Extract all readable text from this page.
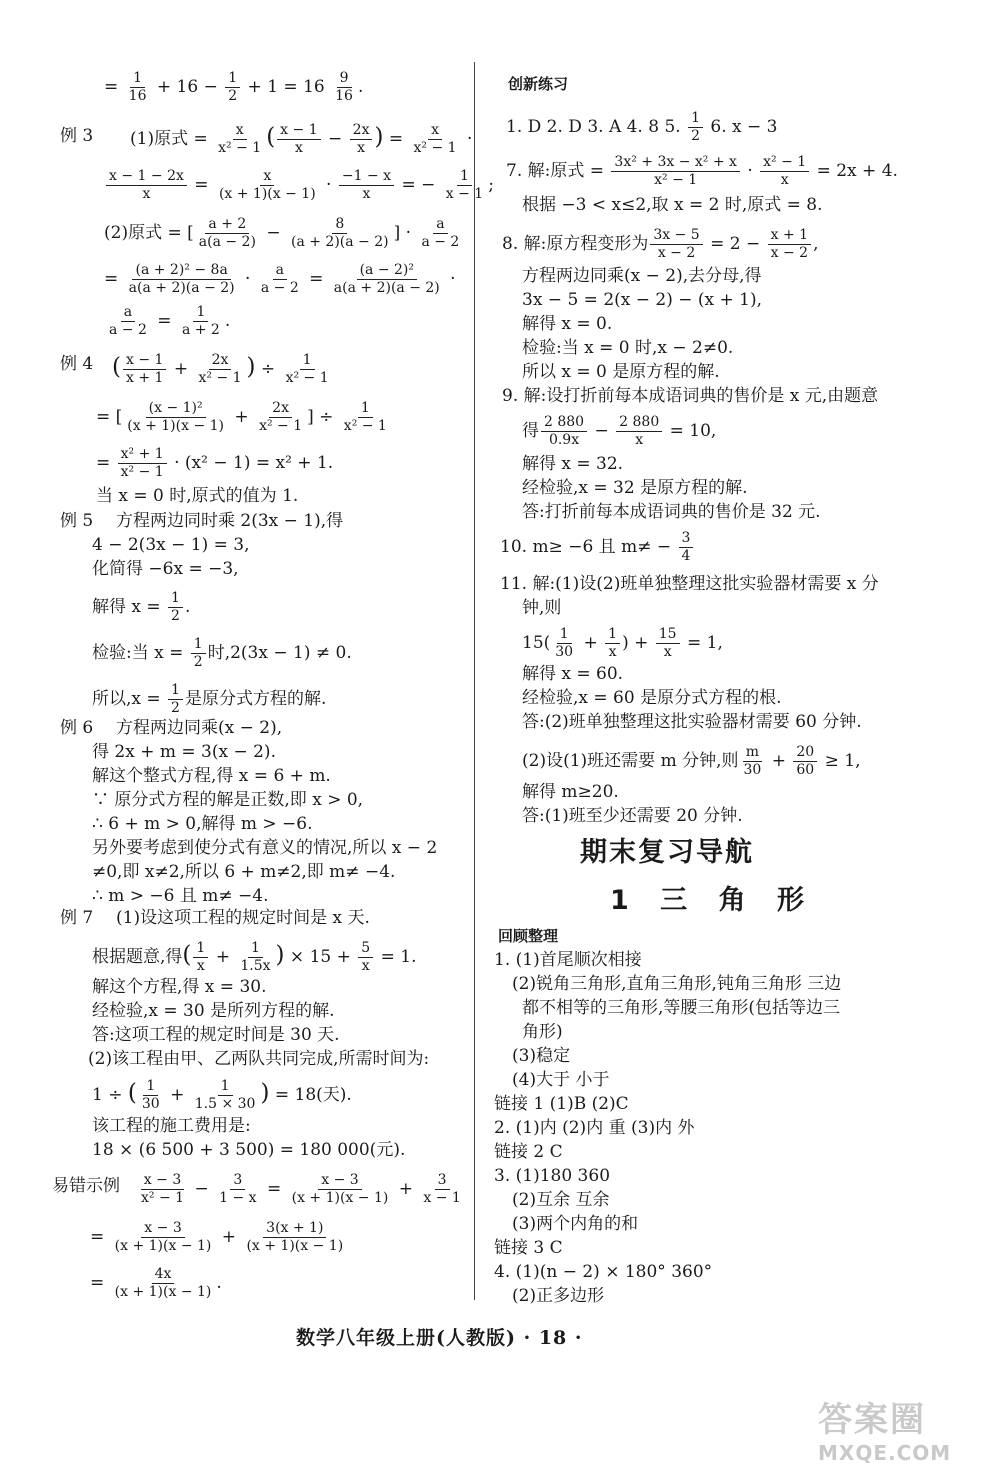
= $\frac{1}{16} + 16 - \frac{1}{2} + 1 = 16 \frac{9}{16}$ .
例 3 (1)原式 = $\frac{x}{\text{x² − 1}}$ ( $\frac{x - 1}{x} - \frac{2x}{x}$ ) = $\frac{x}{\text{x² − 1}}$ ·
$\frac{x - 1 - 2x}{x} = \frac{x}{(x + 1)(x - 1)} \cdot \frac{-1 - x}{x}$ = − $\frac{1}{x - 1}$ ;
(2)原式 = [ $\frac{a + 2}{a(a - 2)} - \frac{8}{(a + 2)(a - 2)}$ ] · $\frac{a}{a - 2}$
= $\frac{\text{(a + 2)² − 8a}}{a(a + 2)(a - 2)} \cdot \frac{a}{a - 2} = \frac{\text{(a − 2)²}}{a(a + 2)(a - 2)}$ ·
$\frac{a}{a - 2} = \frac{1}{a + 2}$ .
例 4 ( $\frac{x - 1}{x + 1} + \frac{2x}{\text{x² − 1}}$ ) ÷ $\frac{1}{\text{x² − 1}}$
= [ $\frac{\text{(x − 1)²}}{(x + 1)(x - 1)} + \frac{2x}{\text{x² − 1}}$ ] ÷ $\frac{1}{\text{x² − 1}}$
= $\frac{\text{x² + 1}}{\text{x² − 1}} \cdot (x^2 - 1) = x^2 + 1$.
当 x = 0 时,原式的值为 1.
例 5 方程两边同时乘 2(3x − 1),得
4 − 2(3x − 1) = 3,
化简得 −6x = −3,
解得 $x = \frac{1}{2}$ .
检验:当 $x = \frac{1}{2}$ 时,2(3x − 1) ≠ 0.
所以$,x = \frac{1}{2}$ 是原分式方程的解.
例 6 方程两边同乘(x − 2),
得 2x + m = 3(x − 2).
解这个整式方程,得 x = 6 + m.
∵ 原分式方程的解是正数,即 x > 0,
∴ 6 + m > 0,解得 m > −6.
另外要考虑到使分式有意义的情况,所以 x − 2
≠0,即 x≠2,所以 6 + m≠2,即 m≠ −4.
∴ m > −6 且 m≠ −4.
例 7 (1)设这项工程的规定时间是 x 天.
根据题意,得( $\frac{1}{x} + \frac{1}{1.5x}$ ) × $15 + \frac{5}{x} = 1$.
解这个方程,得 x = 30.
经检验,x = 30 是所列方程的解.
答:这项工程的规定时间是 30 天.
(2)该工程由甲、乙两队共同完成,所需时间为:
1 ÷ ( $\frac{1}{30} + \frac{1}{1.5 \times 30}$ ) = 18(天).
该工程的施工费用是:
18 × (6 500 + 3 500) = 180 000(元).
易错示例 $\frac{x - 3}{\text{x² − 1}} - \frac{3}{1 - x} = \frac{x - 3}{(x + 1)(x - 1)} + \frac{3}{x - 1}$
= $\frac{x - 3}{(x + 1)(x - 1)} + \frac{3(x + 1)}{(x + 1)(x - 1)}$
= $\frac{4x}{(x + 1)(x - 1)}$ .
创新练习
1. D 2. D 3. A 4. 8 5. $\frac{1}{2} 6$. x − 3
7. 解:原式 = $\frac{\text{3x² + 3x − x² + x}}{\text{x² − 1}} \cdot \frac{\text{x² − 1}}{x} = 2x + 4$.
根据 −3 < x≤2,取 x = 2 时,原式 = 8.
8. 解:原方程变形为 $\frac{3x - 5}{x - 2} = 2 - \frac{x + 1}{x - 2}$ ,
方程两边同乘(x − 2),去分母,得
3x − 5 = 2(x − 2) − (x + 1),
解得 x = 0.
检验:当 x = 0 时,x − 2≠0.
所以 x = 0 是原方程的解.
9. 解:设打折前每本成语词典的售价是 x 元,由题意
得 $\frac{2 880}{0.9x} - \frac{2 880}{x} = 10$,
解得 x = 32.
经检验,x = 32 是原方程的解.
答:打折前每本成语词典的售价是 32 元.
10. m≥ −6 且 $m\ne - \frac{3}{4}$
11. 解:(1)设(2)班单独整理这批实验器材需要 x 分
钟,则
$15( \frac{1}{30} + \frac{1}{x}$ ) + $\frac{15}{x} = 1$,
解得 x = 60.
经检验,x = 60 是原分式方程的根.
答:(2)班单独整理这批实验器材需要 60 分钟.
(2)设(1)班还需要 m 分钟,则 $\frac{m}{30} + \frac{20}{60} \ge 1$,
解得 m≥20.
答:(1)班至少还需要 20 分钟.
回顾整理
1. (1)首尾顺次相接
(2)锐角三角形,直角三角形,钝角三角形 三边
都不相等的三角形,等腰三角形(包括等边三
角形)
(3)稳定
(4)大于 小于
链接 1 (1)B (2)C
2. (1)内 (2)内 重 (3)内 外
链接 2 C
3. (1)180 360
(2)互余 互余
(3)两个内角的和
链接 3 C
4. (1)(n − 2) × 180° 360°
(2)正多边形
期末复习导航
1 三 角 形
数学八年级上册(人教版) · 18 ·
答案圈
MXQE.COM
